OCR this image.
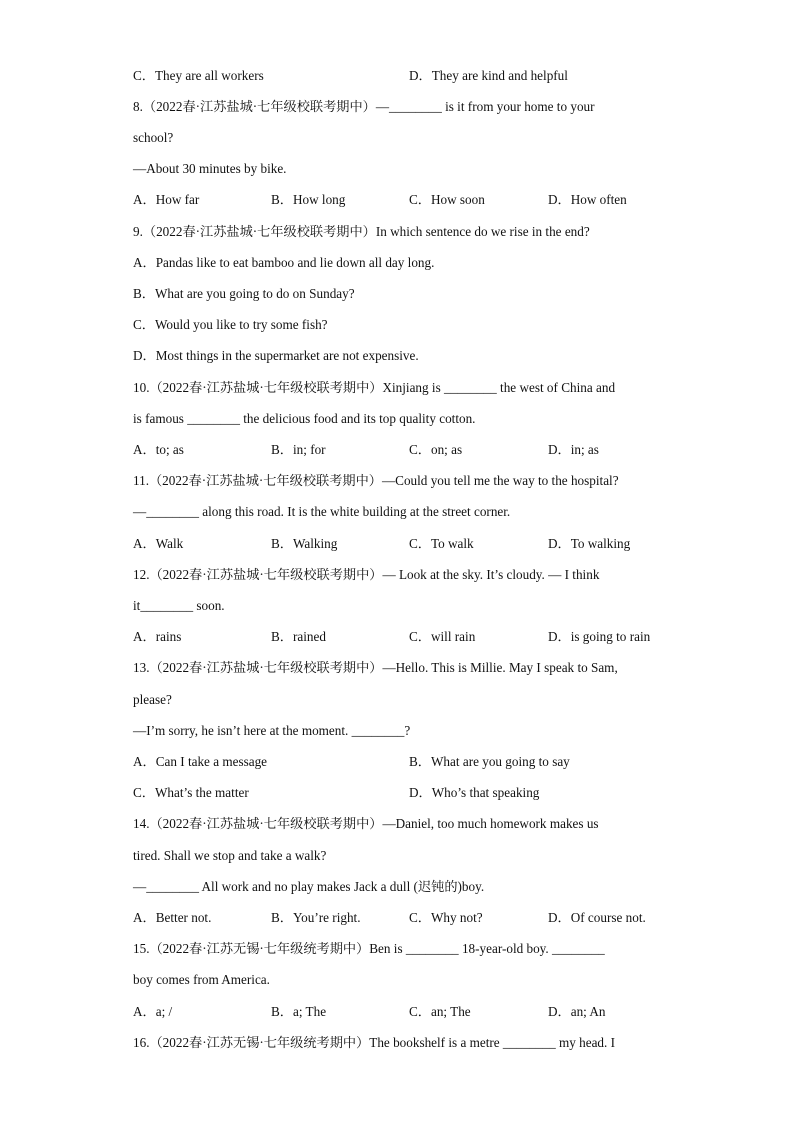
C．They are all workers	D．They are kind and helpful
8.（2022春·江苏盐城·七年级校联考期中）—________ is it from your home to your
school?
—About 30 minutes by bike.
A．How far	B．How long	C．How soon	D．How often
9.（2022春·江苏盐城·七年级校联考期中）In which sentence do we rise in the end?
A．Pandas like to eat bamboo and lie down all day long.
B．What are you going to do on Sunday?
C．Would you like to try some fish?
D．Most things in the supermarket are not expensive.
10.（2022春·江苏盐城·七年级校联考期中）Xinjiang is ________ the west of China and
is famous ________ the delicious food and its top quality cotton.
A．to; as	B．in; for	C．on; as	D．in; as
11.（2022春·江苏盐城·七年级校联考期中）—Could you tell me the way to the hospital?
—________ along this road. It is the white building at the street corner.
A．Walk	B．Walking	C．To walk	D．To walking
12.（2022春·江苏盐城·七年级校联考期中）— Look at the sky. It’s cloudy. — I think
it________ soon.
A．rains	B．rained	C．will rain	D．is going to rain
13.（2022春·江苏盐城·七年级校联考期中）—Hello. This is Millie. May I speak to Sam,
please?
—I’m sorry, he isn’t here at the moment. ________?
A．Can I take a message	B．What are you going to say
C．What’s the matter	D．Who’s that speaking
14.（2022春·江苏盐城·七年级校联考期中）—Daniel, too much homework makes us
tired. Shall we stop and take a walk?
—________ All work and no play makes Jack a dull (迟钝的)boy.
A．Better not.	B．You’re right.	C．Why not?	D．Of course not.
15.（2022春·江苏无锡·七年级统考期中）Ben is ________ 18-year-old boy. ________
boy comes from America.
A．a; /	B．a; The	C．an; The	D．an; An
16.（2022春·江苏无锡·七年级统考期中）The bookshelf is a metre ________ my head. I
